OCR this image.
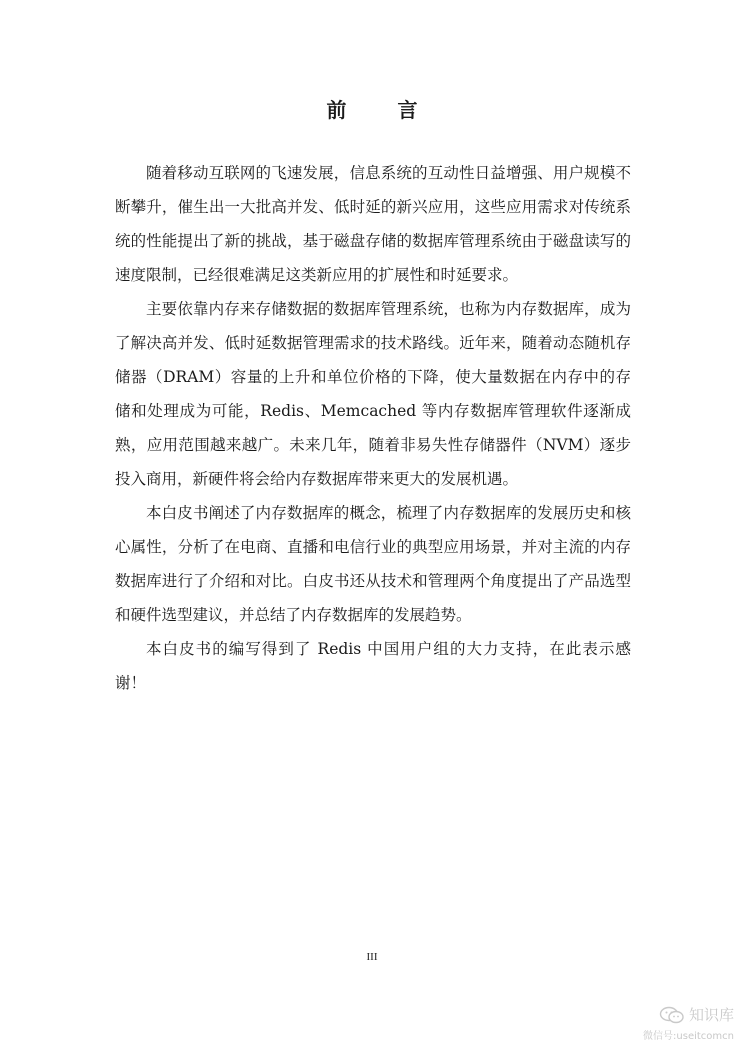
前 言

随着移动互联网的飞速发展，信息系统的互动性日益增强、用户规模不断攀升，催生出一大批高并发、低时延的新兴应用，这些应用需求对传统系统的性能提出了新的挑战，基于磁盘存储的数据库管理系统由于磁盘读写的速度限制，已经很难满足这类新应用的扩展性和时延要求。

主要依靠内存来存储数据的数据库管理系统，也称为内存数据库，成为了解决高并发、低时延数据管理需求的技术路线。近年来，随着动态随机存储器（DRAM）容量的上升和单位价格的下降，使大量数据在内存中的存储和处理成为可能，Redis、Memcached 等内存数据库管理软件逐渐成熟，应用范围越来越广。未来几年，随着非易失性存储器件（NVM）逐步投入商用，新硬件将会给内存数据库带来更大的发展机遇。

本白皮书阐述了内存数据库的概念，梳理了内存数据库的发展历史和核心属性，分析了在电商、直播和电信行业的典型应用场景，并对主流的内存数据库进行了介绍和对比。白皮书还从技术和管理两个角度提出了产品选型和硬件选型建议，并总结了内存数据库的发展趋势。

本白皮书的编写得到了 Redis 中国用户组的大力支持，在此表示感谢！

III
知识库
微信号:useitcomcn
